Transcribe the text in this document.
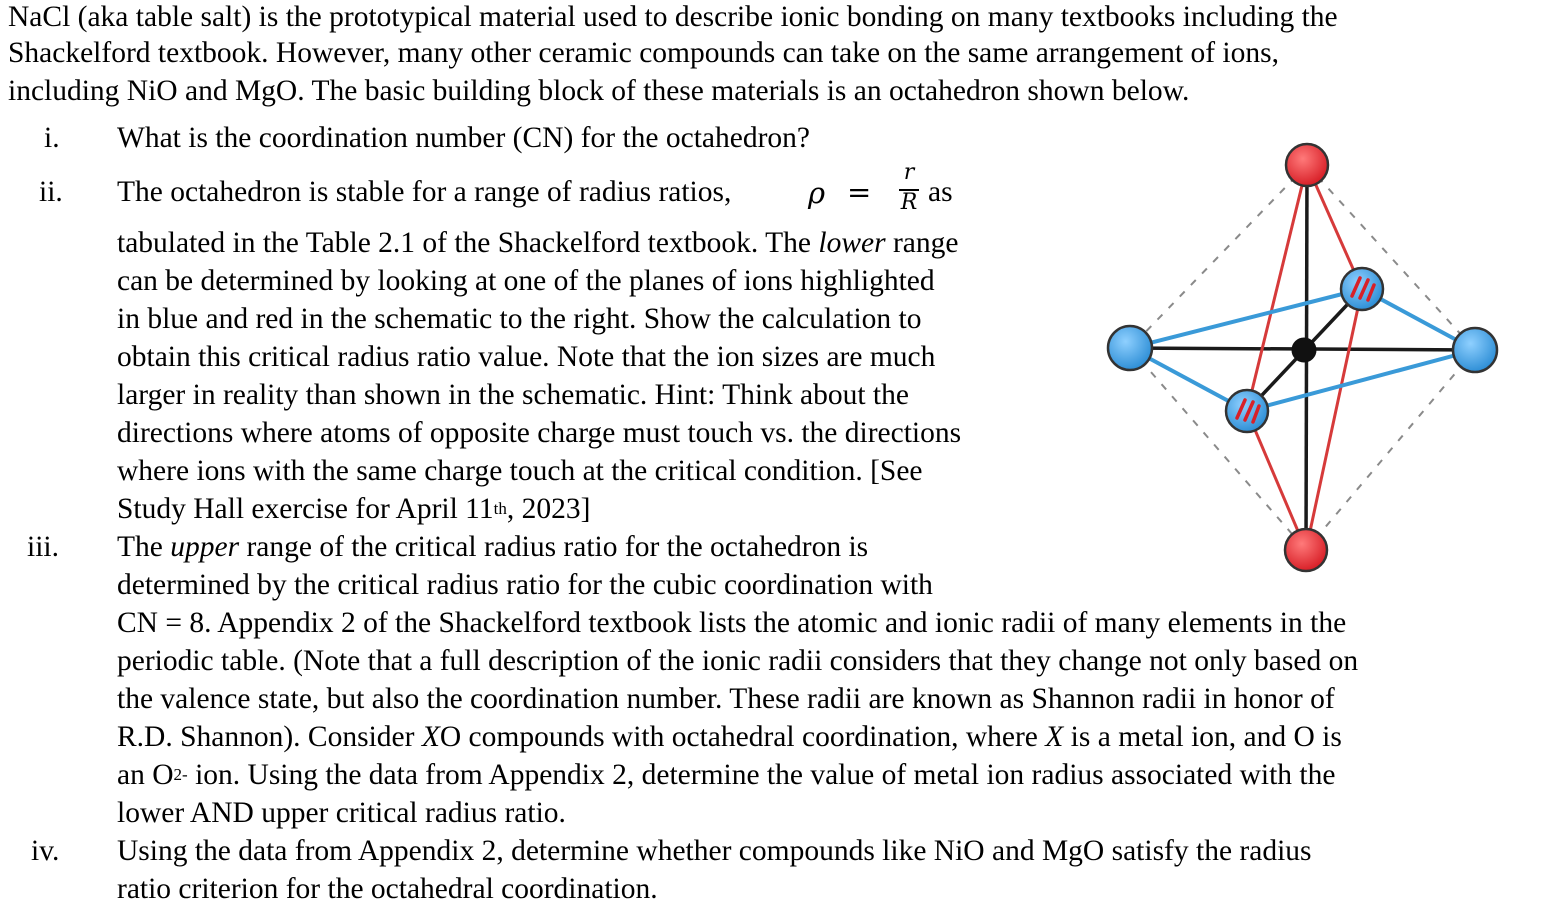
NaCl (aka table salt) is the prototypical material used to describe ionic bonding on many textbooks including the
Shackelford textbook. However, many other ceramic compounds can take on the same arrangement of ions,
including NiO and MgO. The basic building block of these materials is an octahedron shown below.
i. What is the coordination number (CN) for the octahedron?
ii. The octahedron is stable for a range of radius ratios,	ρ =
r
R as
tabulated in the Table 2.1 of the Shackelford textbook. The lower range
can be determined by looking at one of the planes of ions highlighted
in blue and red in the schematic to the right. Show the calculation to
obtain this critical radius ratio value. Note that the ion sizes are much
larger in reality than shown in the schematic. Hint: Think about the
directions where atoms of opposite charge must touch vs. the directions
where ions with the same charge touch at the critical condition. [See
Study Hall exercise for April 11th, 2023]
iii. The upper range of the critical radius ratio for the octahedron is
determined by the critical radius ratio for the cubic coordination with
CN = 8. Appendix 2 of the Shackelford textbook lists the atomic and ionic radii of many elements in the
periodic table. (Note that a full description of the ionic radii considers that they change not only based on
the valence state, but also the coordination number. These radii are known as Shannon radii in honor of
R.D. Shannon). Consider XO compounds with octahedral coordination, where X is a metal ion, and O is
an $O^{2-}$ ion. Using the data from Appendix 2, determine the value of metal ion radius associated with the
lower AND upper critical radius ratio.
iv. Using the data from Appendix 2, determine whether compounds like NiO and MgO satisfy the radius
ratio criterion for the octahedral coordination.
